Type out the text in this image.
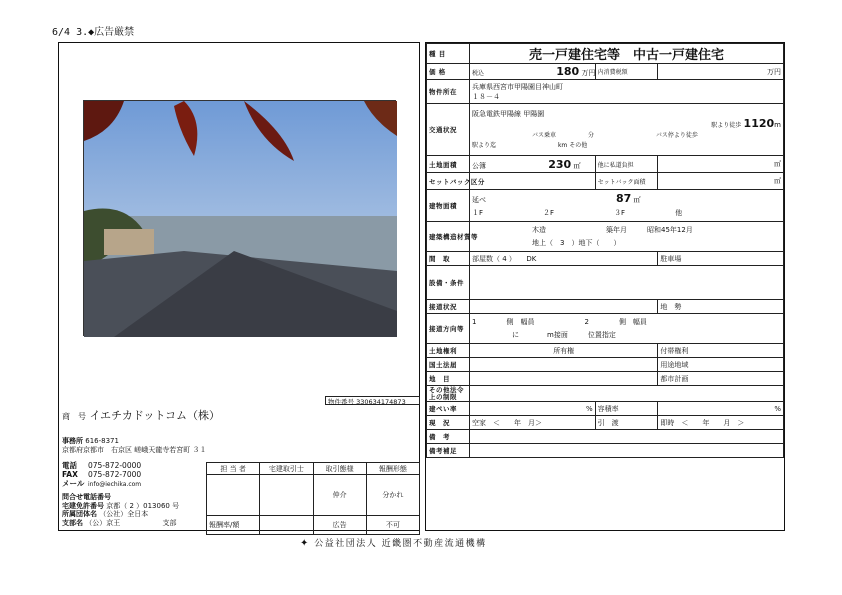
6/4 3.◆広告厳禁
物件番号 330634174873
商　号 イエチカドットコム（株）
事務所 616-8371
京都府京都市　右京区 嵯峨天龍寺若宮町 ３１
電話 075-872-0000
FAX 075-872-7000
メール info@iechika.com
問合せ電話番号
宅建免許番号 京都（ 2 ）013060 号
所属団体名 （公社）全日本
支部名 （公）京王	支部
担 当 者	宅建取引士	取引態様	報酬形態
		仲介	分かれ
報酬率/額		広告	不可
種 目	売一戸建住宅等　中古一戸建住宅		
価 格	税込 180 万円	内消費税額	万円
物件所在	兵庫県西宮市甲陽園目神山町
１８－４		

交通状況	阪急電鉄甲陽線 甲陽園
駅より徒歩 1120m
バス乗車 分 バス停より徒歩
駅より迄 km その他		

土地面積	公簿 230 ㎡	他に私道負担	㎡
セットバック区分		セットバック面積	㎡
建物面積	延べ 87 ㎡
１F ２F ３F 他		

建築構造材質等	木造 築年月 昭和45年12月
地上（　3　）地下（　　）		

間　取	部屋数（ 4 ）　　DK		駐車場
設備・条件			
接道状況			地　勢
接道方向等	1 側　幅員 2 側　幅員
に　　　　m接面 位置指定		

土地権利	所有権		付帯権利
国土法届			用途地域
地　目			都市計画
その他法令上の制限			
建ぺい率	%	容積率	%
現　況	空家　＜　　年　月＞	引　渡	即時　＜　　年　　月　＞
備　考			
備考補足			
✦ 公益社団法人 近畿圏不動産流通機構
